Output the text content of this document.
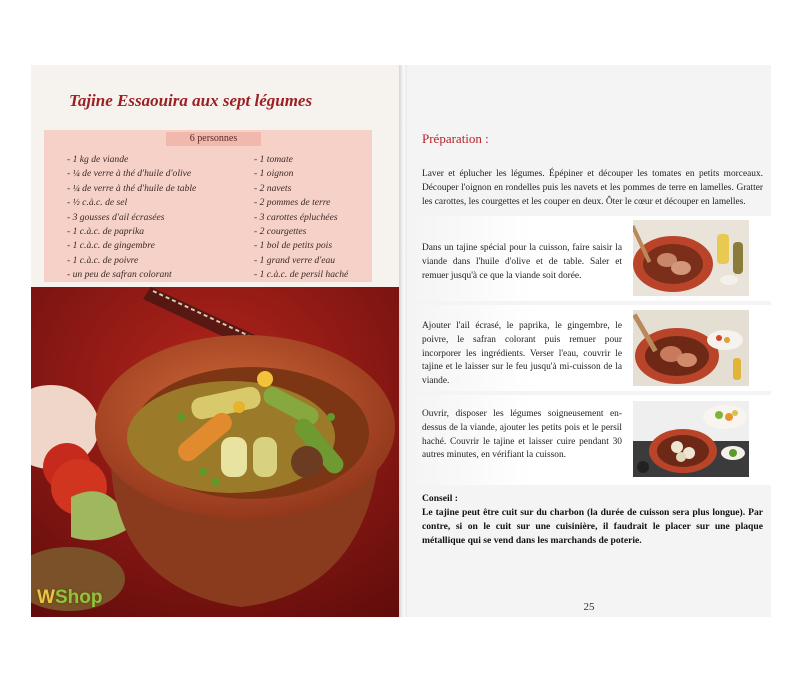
Tajine Essaouira aux sept légumes
6 personnes
- 1 kg de viande
- ¼ de verre à thé d'huile d'olive
- ¼ de verre à thé d'huile de table
- ½ c.à.c. de sel
- 3 gousses d'ail écrasées
- 1 c.à.c. de paprika
- 1 c.à.c. de gingembre
- 1 c.à.c. de poivre
- un peu de safran colorant
- 1 tomate
- 1 oignon
- 2 navets
- 2 pommes de terre
- 3 carottes épluchées
- 2 courgettes
- 1 bol de petits pois
- 1 grand verre d'eau
- 1 c.à.c. de persil haché
WShop
Préparation :

Laver et éplucher les légumes. Épépiner et découper les tomates en petits morceaux. Découper l'oignon en rondelles puis les navets et les pommes de terre en lamelles. Gratter les carottes, les courgettes et les couper en deux. Ôter le cœur et découper en lamelles.

Dans un tajine spécial pour la cuisson, faire saisir la viande dans l'huile d'olive et de table. Saler et remuer jusqu'à ce que la viande soit dorée.

Ajouter l'ail écrasé, le paprika, le gingembre, le poivre, le safran colorant puis remuer pour incorporer les ingrédients. Verser l'eau, couvrir le tajine et le laisser sur le feu jusqu'à mi-cuisson de la viande.

Ouvrir, disposer les légumes soigneusement en-dessus de la viande, ajouter les petits pois et le persil haché. Couvrir le tajine et laisser cuire pendant 30 autres minutes, en vérifiant la cuisson.

Conseil :

Le tajine peut être cuit sur du charbon (la durée de cuisson sera plus longue). Par contre, si on le cuit sur une cuisinière, il faudrait le placer sur une plaque métallique qui se vend dans les marchands de poterie.

25
